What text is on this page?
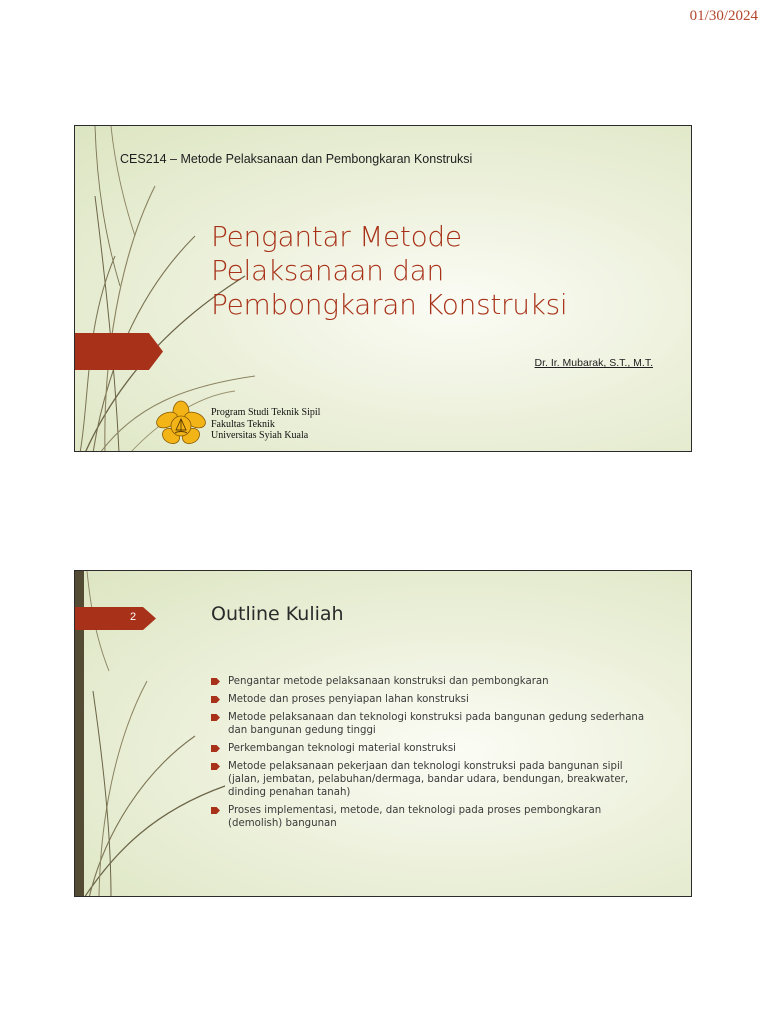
01/30/2024
CES214 – Metode Pelaksanaan dan Pembongkaran Konstruksi
Pengantar Metode
Pelaksanaan dan
Pembongkaran Konstruksi
Dr. Ir. Mubarak, S.T., M.T.
Program Studi Teknik Sipil
Fakultas Teknik
Universitas Syiah Kuala
2	Outline Kuliah
Pengantar metode pelaksanaan konstruksi dan pembongkaran
Metode dan proses penyiapan lahan konstruksi
Metode pelaksanaan dan teknologi konstruksi pada bangunan gedung sederhana dan bangunan gedung tinggi
Perkembangan teknologi material konstruksi
Metode pelaksanaan pekerjaan dan teknologi konstruksi pada bangunan sipil (jalan, jembatan, pelabuhan/dermaga, bandar udara, bendungan, breakwater, dinding penahan tanah)
Proses implementasi, metode, dan teknologi pada proses pembongkaran (demolish) bangunan
